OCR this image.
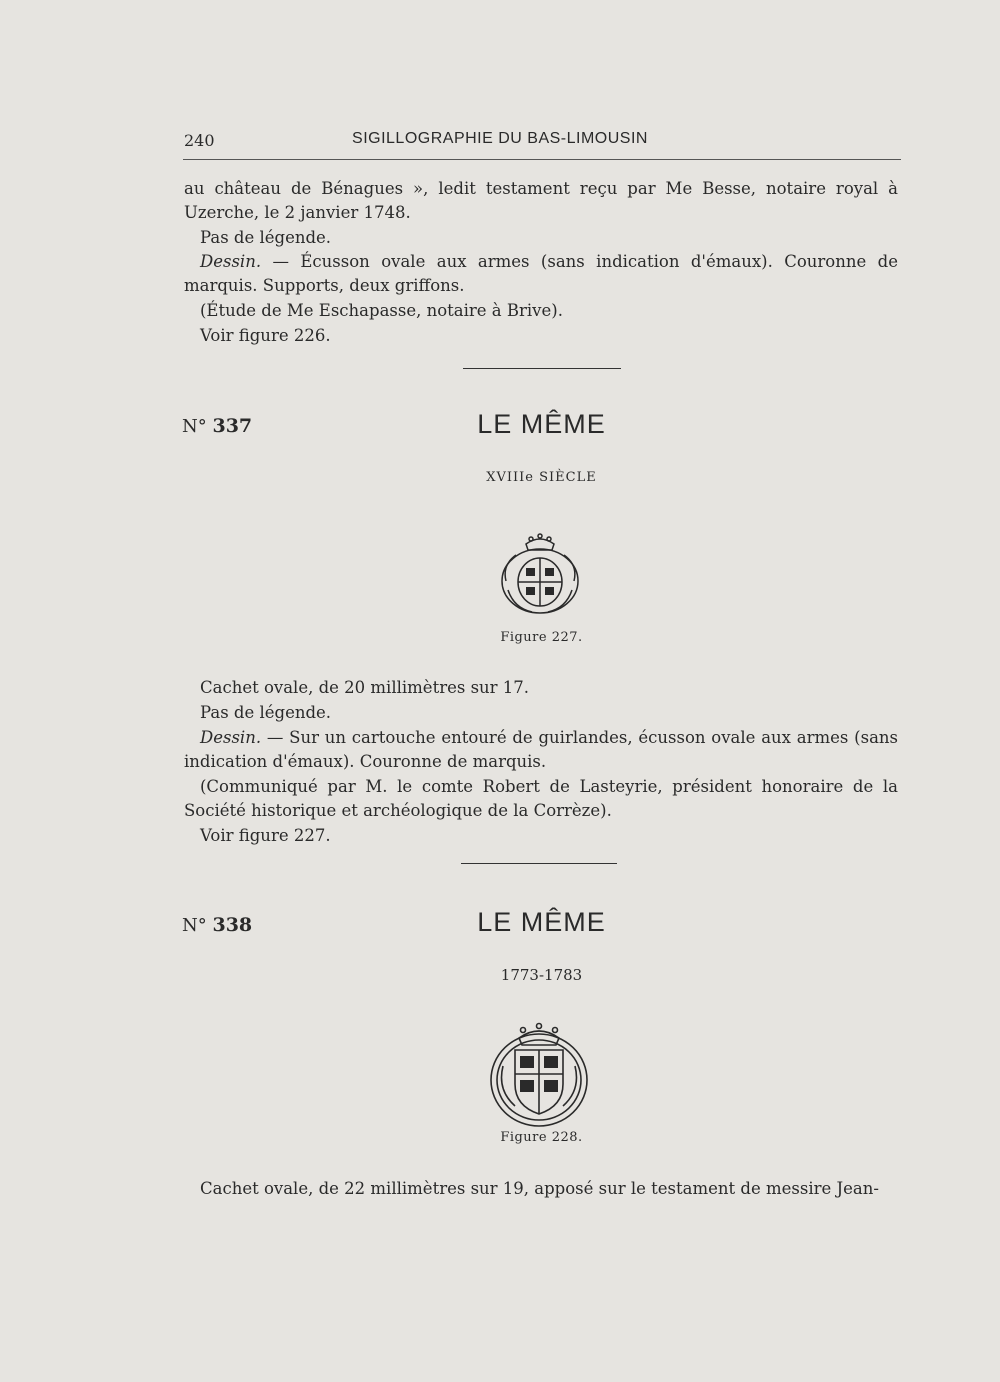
240	SIGILLOGRAPHIE DU BAS-LIMOUSIN
au château de Bénagues », ledit testament reçu par Me Besse, notaire royal à Uzerche, le 2 janvier 1748.
Pas de légende.
Dessin. — Écusson ovale aux armes (sans indication d'émaux). Couronne de marquis. Supports, deux griffons.
(Étude de Me Eschapasse, notaire à Brive).
Voir figure 226.
N° 337	LE MÊME
XVIIIe SIÈCLE
Figure 227.
Cachet ovale, de 20 millimètres sur 17.
Pas de légende.
Dessin. — Sur un cartouche entouré de guirlandes, écusson ovale aux armes (sans indication d'émaux). Couronne de marquis.
(Communiqué par M. le comte Robert de Lasteyrie, président honoraire de la Société historique et archéologique de la Corrèze).
Voir figure 227.
N° 338	LE MÊME
1773-1783
Figure 228.
Cachet ovale, de 22 millimètres sur 19, apposé sur le testament de messire Jean-
